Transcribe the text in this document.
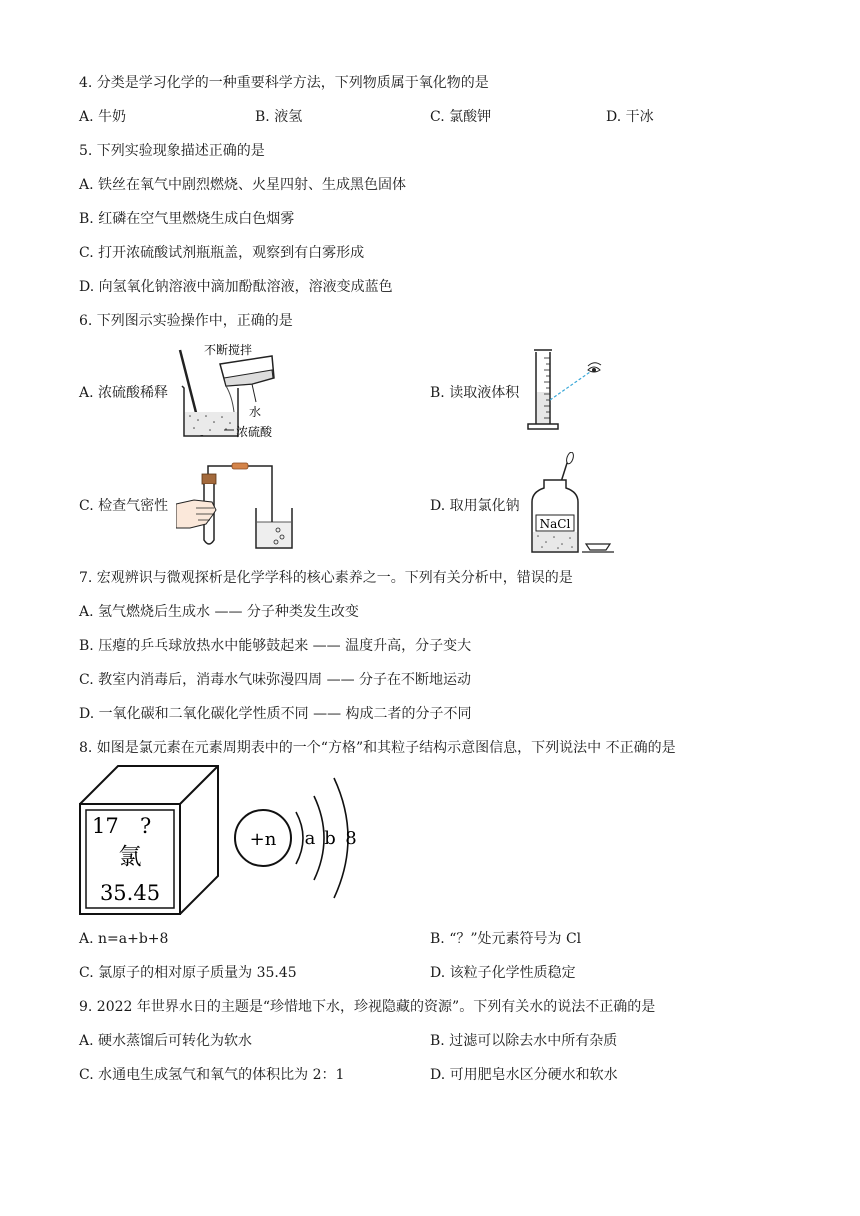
4. 分类是学习化学的一种重要科学方法，下列物质属于氧化物的是
A. 牛奶	B. 液氢	C. 氯酸钾	D. 干冰
5. 下列实验现象描述正确的是
A. 铁丝在氧气中剧烈燃烧、火星四射、生成黑色固体
B. 红磷在空气里燃烧生成白色烟雾
C. 打开浓硫酸试剂瓶瓶盖，观察到有白雾形成
D. 向氢氧化钠溶液中滴加酚酞溶液，溶液变成蓝色
6. 下列图示实验操作中，正确的是
A. 浓硫酸稀释	B. 读取液体积
C. 检查气密性	D. 取用氯化钠
不断搅拌
水
浓硫酸
NaCl
7. 宏观辨识与微观探析是化学学科的核心素养之一。下列有关分析中，错误的是
A. 氢气燃烧后生成水 —— 分子种类发生改变
B. 压瘪的乒乓球放热水中能够鼓起来 —— 温度升高，分子变大
C. 教室内消毒后，消毒水气味弥漫四周 —— 分子在不断地运动
D. 一氧化碳和二氧化碳化学性质不同 —— 构成二者的分子不同
8. 如图是氯元素在元素周期表中的一个“方格”和其粒子结构示意图信息，下列说法中 不正确的是
17 ?
氯
35.45
+n a b 8
A. n=a+b+8	B. “？”处元素符号为 Cl
C. 氯原子的相对原子质量为 35.45	D. 该粒子化学性质稳定
9. 2022 年世界水日的主题是“珍惜地下水，珍视隐藏的资源”。下列有关水的说法不正确的是
A. 硬水蒸馏后可转化为软水	B. 过滤可以除去水中所有杂质
C. 水通电生成氢气和氧气的体积比为 2：1	D. 可用肥皂水区分硬水和软水
